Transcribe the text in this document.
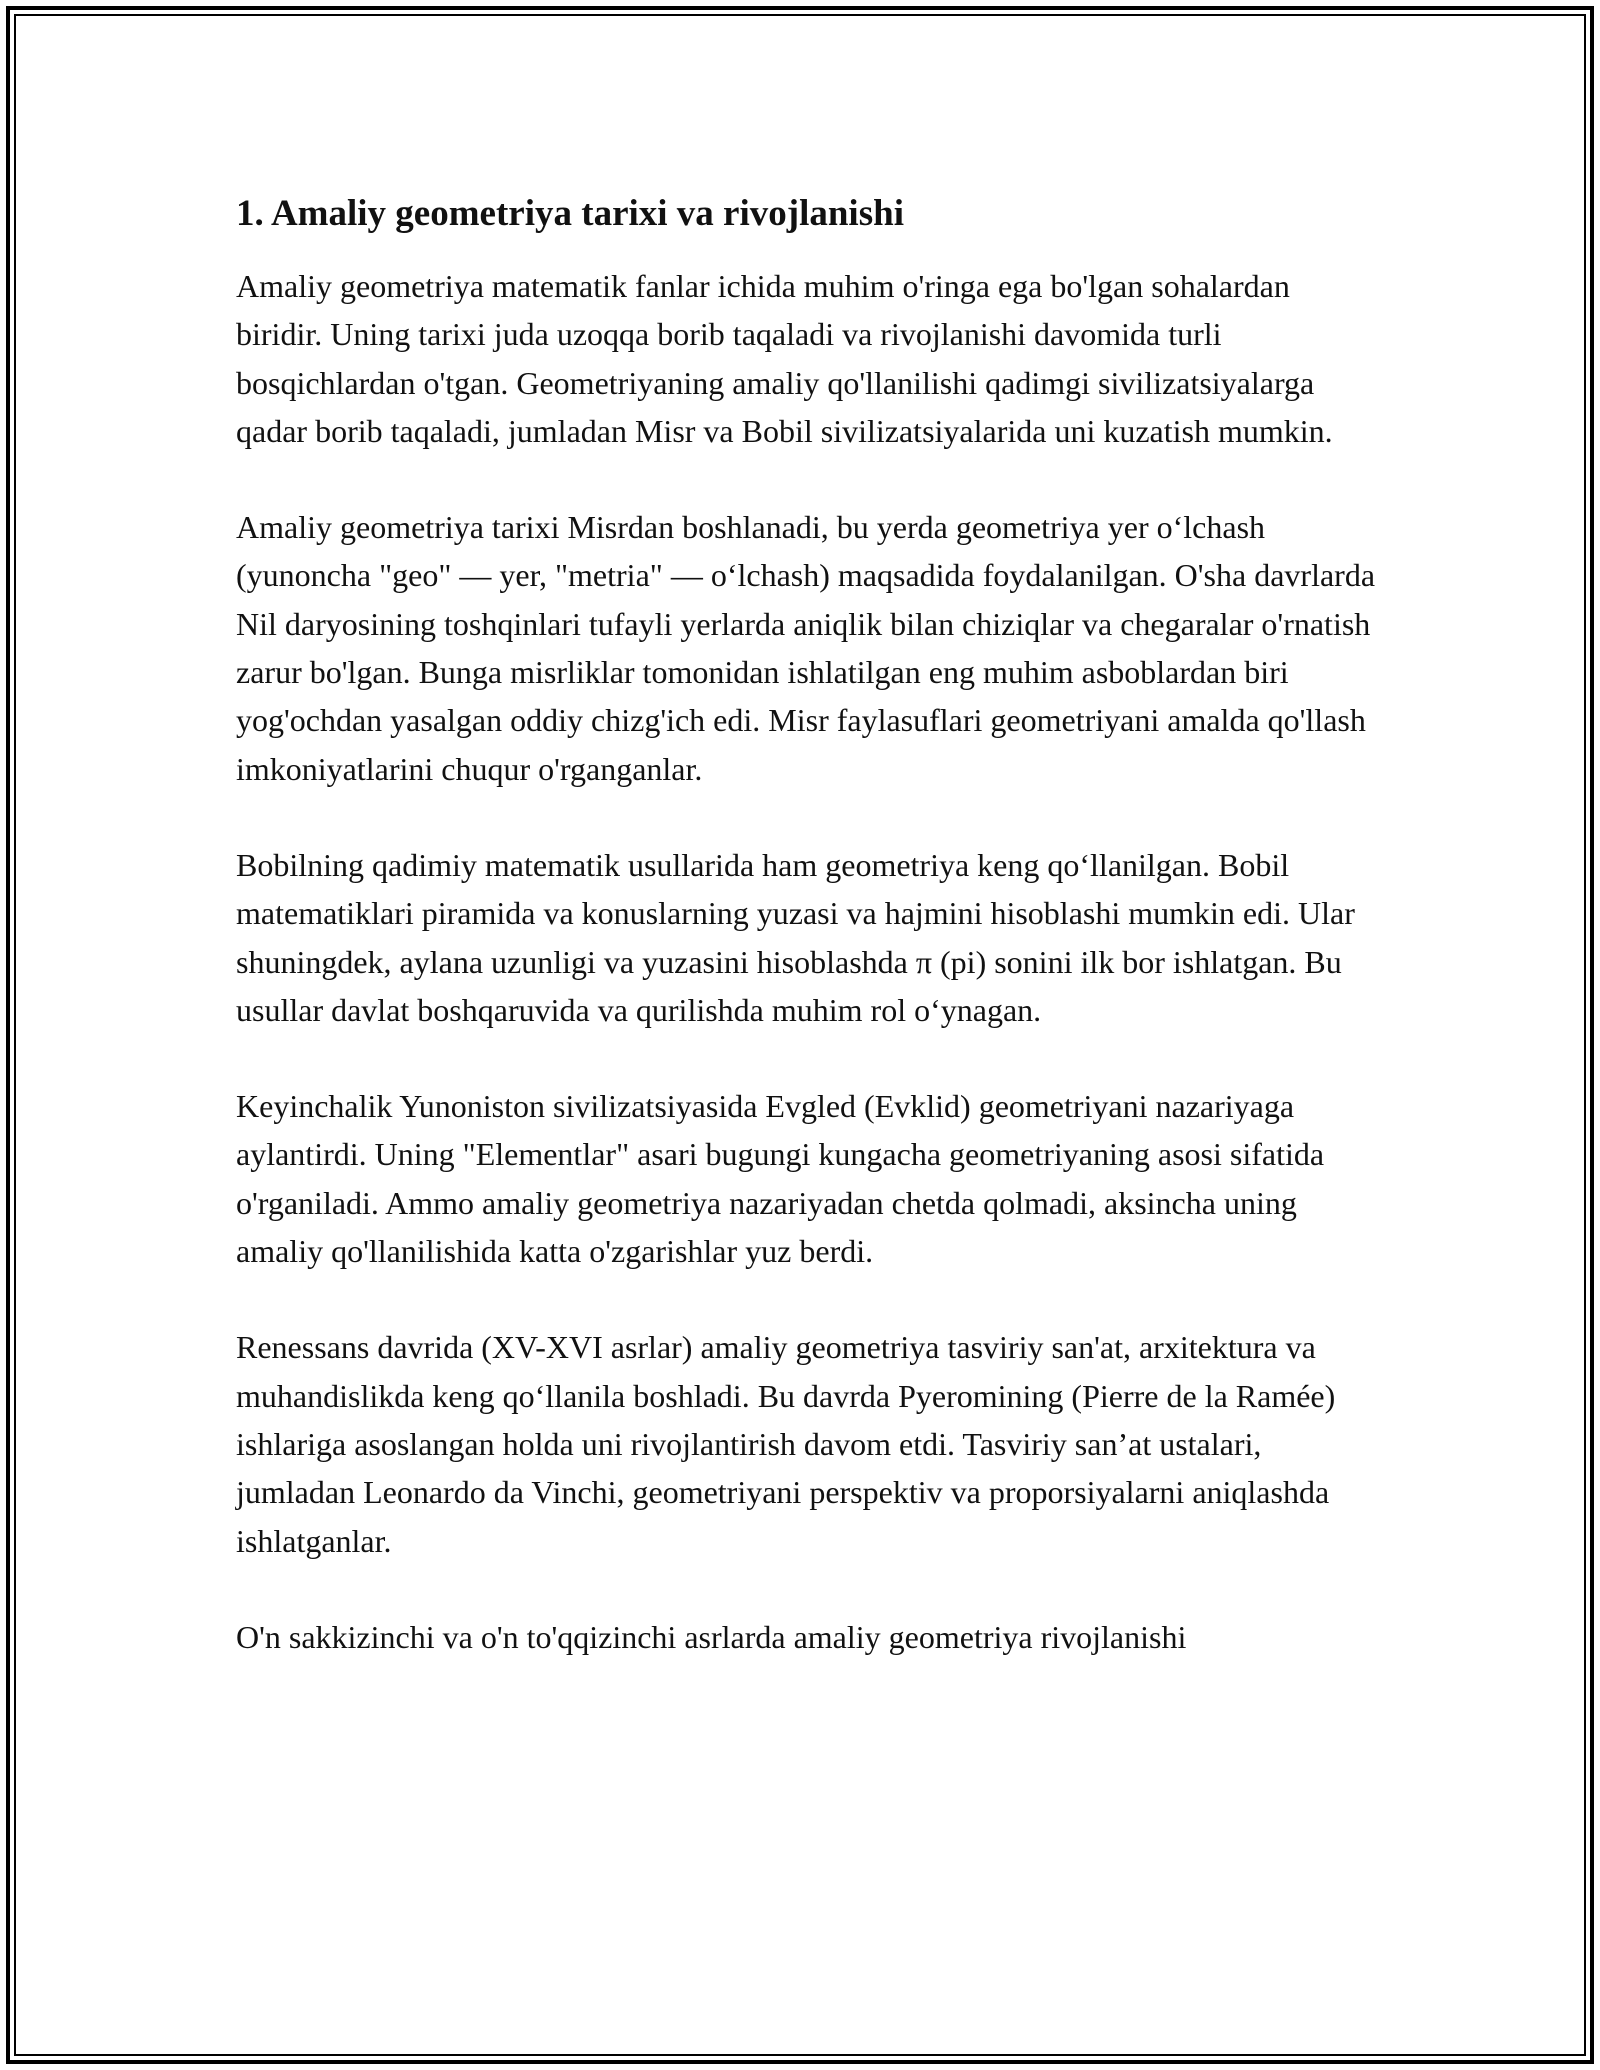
1. Amaliy geometriya tarixi va rivojlanishi

Amaliy geometriya matematik fanlar ichida muhim o'ringa ega bo'lgan sohalardan biridir. Uning tarixi juda uzoqqa borib taqaladi va rivojlanishi davomida turli bosqichlardan o'tgan. Geometriyaning amaliy qo'llanilishi qadimgi sivilizatsiyalarga qadar borib taqaladi, jumladan Misr va Bobil sivilizatsiyalarida uni kuzatish mumkin.

Amaliy geometriya tarixi Misrdan boshlanadi, bu yerda geometriya yer o‘lchash (yunoncha "geo" — yer, "metria" — o‘lchash) maqsadida foydalanilgan. O'sha davrlarda Nil daryosining toshqinlari tufayli yerlarda aniqlik bilan chiziqlar va chegaralar o'rnatish zarur bo'lgan. Bunga misrliklar tomonidan ishlatilgan eng muhim asboblardan biri yog'ochdan yasalgan oddiy chizg'ich edi. Misr faylasuflari geometriyani amalda qo'llash imkoniyatlarini chuqur o'rganganlar.

Bobilning qadimiy matematik usullarida ham geometriya keng qo‘llanilgan. Bobil matematiklari piramida va konuslarning yuzasi va hajmini hisoblashi mumkin edi. Ular shuningdek, aylana uzunligi va yuzasini hisoblashda π (pi) sonini ilk bor ishlatgan. Bu usullar davlat boshqaruvida va qurilishda muhim rol o‘ynagan.

Keyinchalik Yunoniston sivilizatsiyasida Evgled (Evklid) geometriyani nazariyaga aylantirdi. Uning "Elementlar" asari bugungi kungacha geometriyaning asosi sifatida o'rganiladi. Ammo amaliy geometriya nazariyadan chetda qolmadi, aksincha uning amaliy qo'llanilishida katta o'zgarishlar yuz berdi.

Renessans davrida (XV-XVI asrlar) amaliy geometriya tasviriy san'at, arxitektura va muhandislikda keng qo‘llanila boshladi. Bu davrda Pyeromining (Pierre de la Ramée) ishlariga asoslangan holda uni rivojlantirish davom etdi. Tasviriy san’at ustalari, jumladan Leonardo da Vinchi, geometriyani perspektiv va proporsiyalarni aniqlashda ishlatganlar.

O'n sakkizinchi va o'n to'qqizinchi asrlarda amaliy geometriya rivojlanishi
